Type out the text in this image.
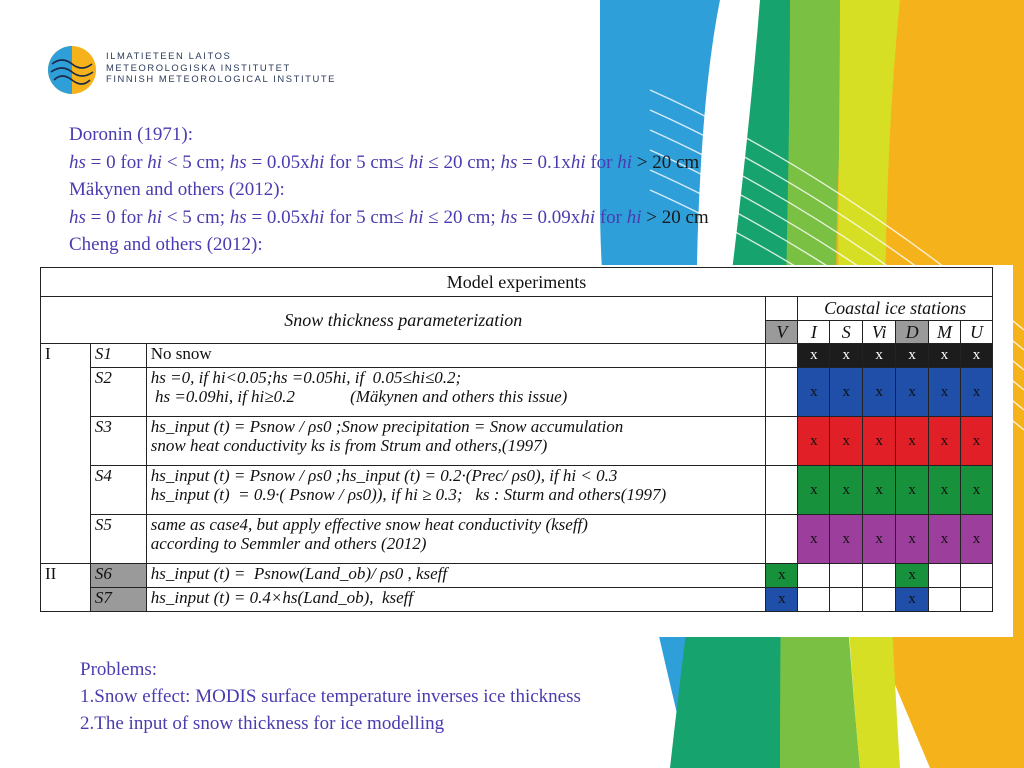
ILMATIETEEN LAITOS
METEOROLOGISKA INSTITUTET
FINNISH METEOROLOGICAL INSTITUTE
Doronin (1971):
hs = 0 for hi < 5 cm; hs = 0.05xhi for 5 cm≤ hi ≤ 20 cm; hs = 0.1xhi for hi > 20 cm
Mäkynen and others (2012):
hs = 0 for hi < 5 cm; hs = 0.05xhi for 5 cm≤ hi ≤ 20 cm; hs = 0.09xhi for hi > 20 cm
Cheng and others (2012):
Model experiments									
Snow thickness parameterization				Coastal ice stations					
			V	I	S	Vi	D	M	U
I	S1	No snow		x	x	x	x	x	x
	S2	hs =0, if hi<0.05;hs =0.05hi, if  0.05≤hi≤0.2;
hs =0.09hi, if hi≥0.2             (Mäkynen and others this issue)		x	x	x	x	x	x
	S3	hs_input (t) = Psnow / ρs0 ;Snow precipitation = Snow accumulation
snow heat conductivity ks is from Strum and others,(1997)		x	x	x	x	x	x
	S4	hs_input (t) = Psnow / ρs0 ;hs_input (t) = 0.2·(Prec/ ρs0), if hi < 0.3
hs_input (t)  = 0.9·( Psnow / ρs0)), if hi ≥ 0.3;   ks : Sturm and others(1997)		x	x	x	x	x	x
	S5	same as case4, but apply effective snow heat conductivity (kseff)
according to Semmler and others (2012)		x	x	x	x	x	x
II	S6	hs_input (t) =  Psnow(Land_ob)/ ρs0 , kseff	x				x		
	S7	hs_input (t) = 0.4×hs(Land_ob),  kseff	x				x		
Problems:
1.Snow effect: MODIS surface temperature inverses ice thickness
2.The input of snow thickness for ice modelling
